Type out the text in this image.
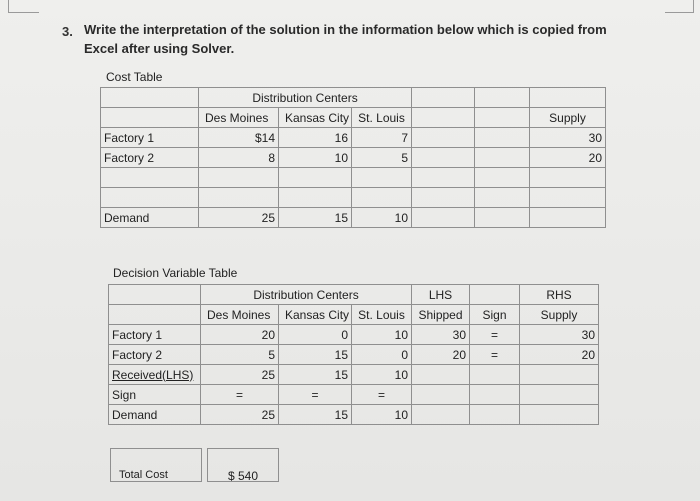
3. Write the interpretation of the solution in the information below which is copied from Excel after using Solver.
Cost Table
	Distribution Centers					
	Des Moines	Kansas City	St. Louis			Supply
Factory 1	$14	16	7			30
Factory 2	8	10	5			20

Demand	25	15	10			
Decision Variable Table
	Distribution Centers			LHS		RHS
	Des Moines	Kansas City	St. Louis	Shipped	Sign	Supply
Factory 1	20	0	10	30	=	30
Factory 2	5	15	0	20	=	20
Received(LHS)	25	15	10			
Sign	=	=	=			
Demand	25	15	10			
Total Cost	$ 540
